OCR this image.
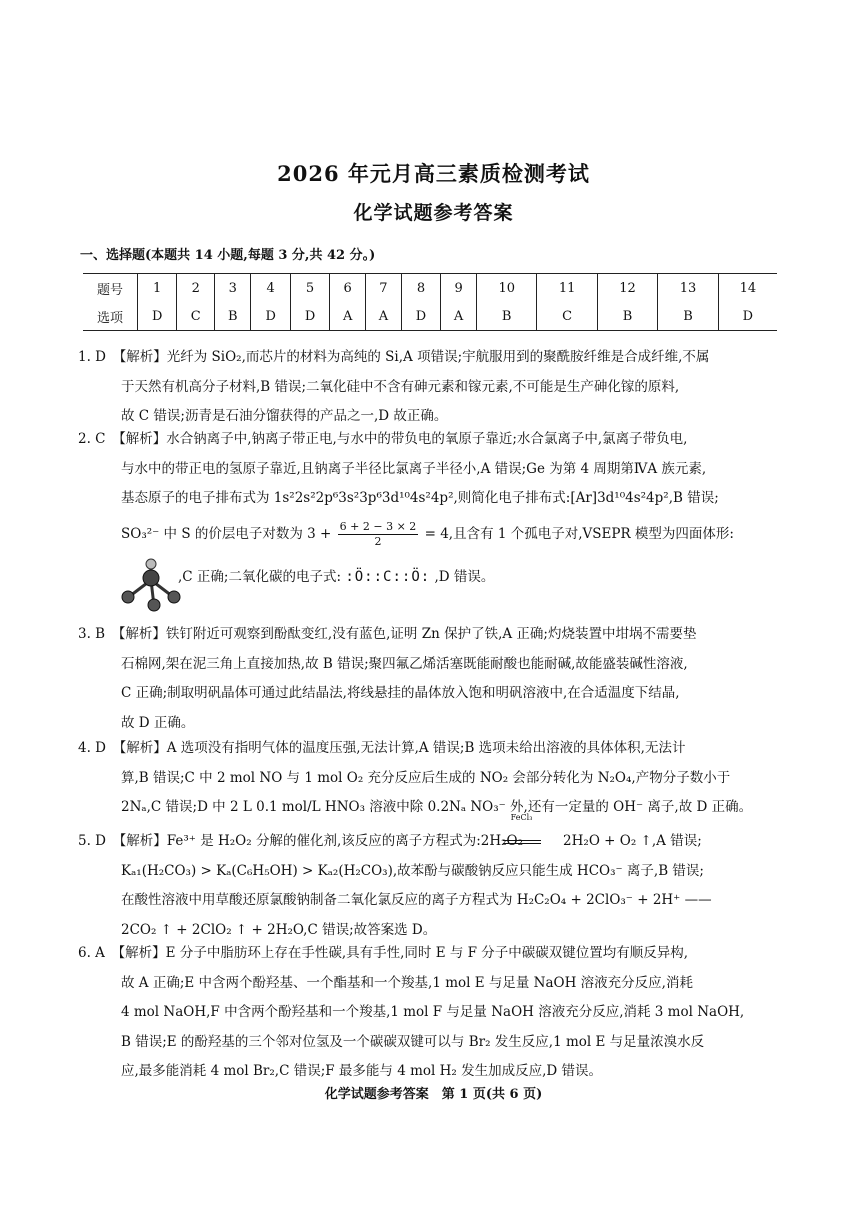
2026 年元月高三素质检测考试
化学试题参考答案
一、选择题(本题共 14 小题,每题 3 分,共 42 分。)
题号	1	2	3	4	5	6	7	8	9	10	11	12	13	14
选项	D	C	B	D	D	A	A	D	A	B	C	B	B	D

1. D　 【解析】光纤为 SiO₂,而芯片的材料为高纯的 Si,A 项错误;宇航服用到的聚酰胺纤维是合成纤维,不属

于天然有机高分子材料,B 错误;二氧化硅中不含有砷元素和镓元素,不可能是生产砷化镓的原料,

故 C 错误;沥青是石油分馏获得的产品之一,D 故正确。

2. C　 【解析】水合钠离子中,钠离子带正电,与水中的带负电的氧原子靠近;水合氯离子中,氯离子带负电,

与水中的带正电的氢原子靠近,且钠离子半径比氯离子半径小,A 错误;Ge 为第 4 周期第ⅣA 族元素,

基态原子的电子排布式为 1s²2s²2p⁶3s²3p⁶3d¹⁰4s²4p²,则简化电子排布式:[Ar]3d¹⁰4s²4p²,B 错误;

SO₃²⁻ 中 S 的价层电子对数为 $3 + \frac{6 + 2 - 3 \times 2}{2} = 4$,且含有 1 个孤电子对,VSEPR 模型为四面体形:

,C 正确;二氧化碳的电子式: :Ö::C::Ö: ,D 错误。

3. B　 【解析】铁钉附近可观察到酚酞变红,没有蓝色,证明 Zn 保护了铁,A 正确;灼烧装置中坩埚不需要垫

石棉网,架在泥三角上直接加热,故 B 错误;聚四氟乙烯活塞既能耐酸也能耐碱,故能盛装碱性溶液,

C 正确;制取明矾晶体可通过此结晶法,将线悬挂的晶体放入饱和明矾溶液中,在合适温度下结晶,

故 D 正确。

4. D　 【解析】A 选项没有指明气体的温度压强,无法计算,A 错误;B 选项未给出溶液的具体体积,无法计

算,B 错误;C 中 2 mol NO 与 1 mol O₂ 充分反应后生成的 NO₂ 会部分转化为 N₂O₄,产物分子数小于

2Nₐ,C 错误;D 中 2 L 0.1 mol/L HNO₃ 溶液中除 0.2Nₐ NO₃⁻ 外,还有一定量的 OH⁻ 离子,故 D 正确。

5. D　 【解析】Fe³⁺ 是 H₂O₂ 分解的催化剂,该反应的离子方程式为:2H₂O₂
FeCl₃
2H₂O + O₂ ↑,A 错误;

Kₐ₁(H₂CO₃) > Kₐ(C₆H₅OH) > Kₐ₂(H₂CO₃),故苯酚与碳酸钠反应只能生成 HCO₃⁻ 离子,B 错误;

在酸性溶液中用草酸还原氯酸钠制备二氧化氯反应的离子方程式为 H₂C₂O₄ + 2ClO₃⁻ + 2H⁺ ——

2CO₂ ↑ + 2ClO₂ ↑ + 2H₂O,C 错误;故答案选 D。

6. A　 【解析】E 分子中脂肪环上存在手性碳,具有手性,同时 E 与 F 分子中碳碳双键位置均有顺反异构,

故 A 正确;E 中含两个酚羟基、一个酯基和一个羧基,1 mol E 与足量 NaOH 溶液充分反应,消耗

4 mol NaOH,F 中含两个酚羟基和一个羧基,1 mol F 与足量 NaOH 溶液充分反应,消耗 3 mol NaOH,

B 错误;E 的酚羟基的三个邻对位氢及一个碳碳双键可以与 Br₂ 发生反应,1 mol E 与足量浓溴水反

应,最多能消耗 4 mol Br₂,C 错误;F 最多能与 4 mol H₂ 发生加成反应,D 错误。

化学试题参考答案　第 1 页(共 6 页)
